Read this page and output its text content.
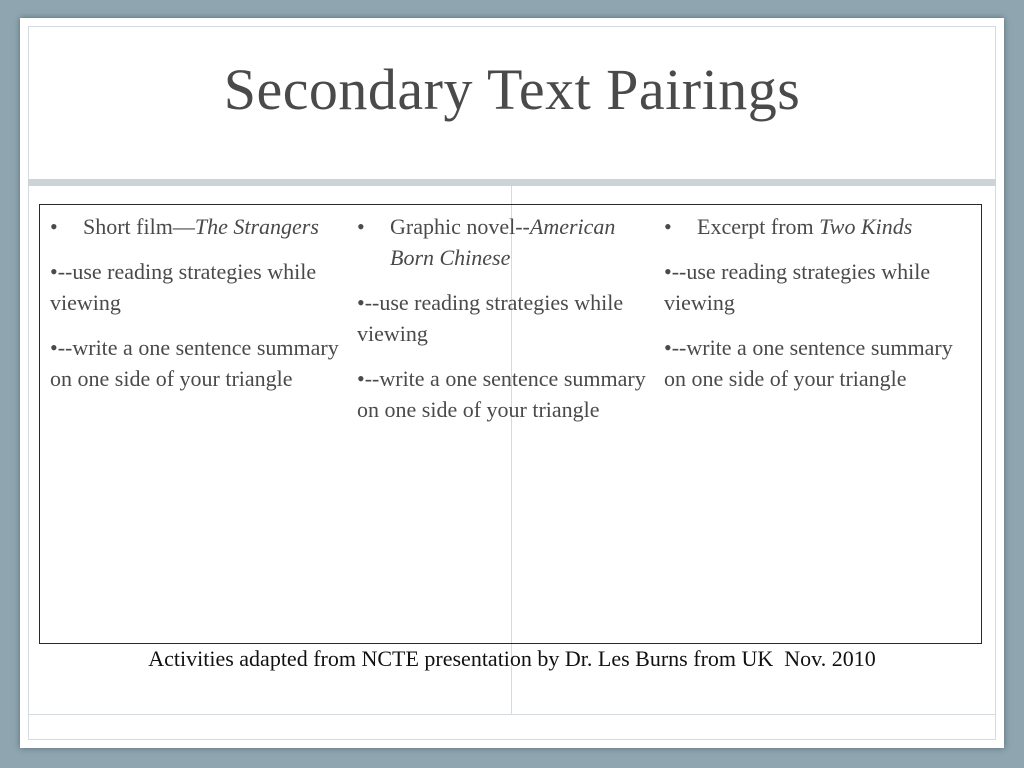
Secondary Text Pairings

•	Short film—The Strangers

•--use reading strategies while viewing

•--write a one sentence summary on one side of your triangle

•	Graphic novel--American Born Chinese

•--use reading strategies while viewing

•--write a one sentence summary on one side of your triangle

•	Excerpt from Two Kinds

•--use reading strategies while viewing

•--write a one sentence summary on one side of your triangle

Activities adapted from NCTE presentation by Dr. Les Burns from UK  Nov. 2010
